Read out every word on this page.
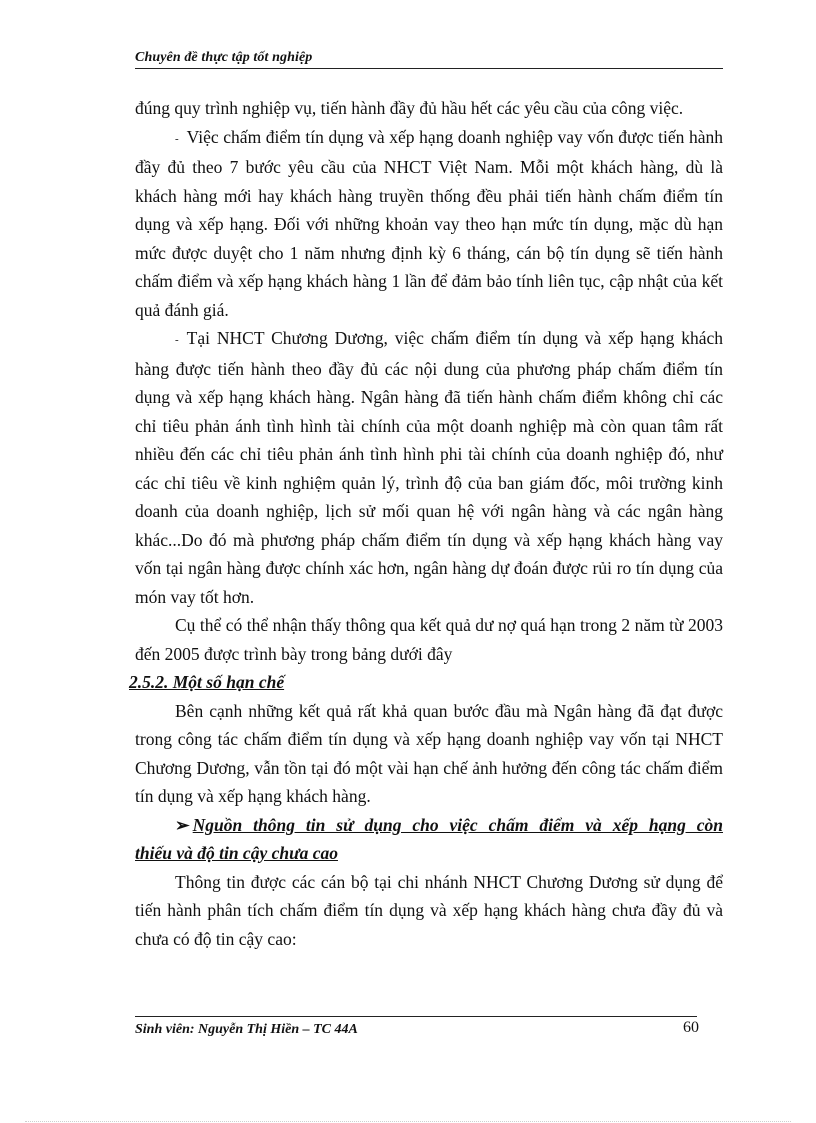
Chuyên đề thực tập tốt nghiệp

đúng quy trình nghiệp vụ, tiến hành đầy đủ hầu hết các yêu cầu của công việc.

- Việc chấm điểm tín dụng và xếp hạng doanh nghiệp vay vốn được tiến hành đầy đủ theo 7 bước yêu cầu của NHCT Việt Nam. Mỗi một khách hàng, dù là khách hàng mới hay khách hàng truyền thống đều phải tiến hành chấm điểm tín dụng và xếp hạng. Đối với những khoản vay theo hạn mức tín dụng, mặc dù hạn mức được duyệt cho 1 năm nhưng định kỳ 6 tháng, cán bộ tín dụng sẽ tiến hành chấm điểm và xếp hạng khách hàng 1 lần để đảm bảo tính liên tục, cập nhật của kết quả đánh giá.

- Tại NHCT Chương Dương, việc chấm điểm tín dụng và xếp hạng khách hàng được tiến hành theo đầy đủ các nội dung của phương pháp chấm điểm tín dụng và xếp hạng khách hàng. Ngân hàng đã tiến hành chấm điểm không chỉ các chỉ tiêu phản ánh tình hình tài chính của một doanh nghiệp mà còn quan tâm rất nhiều đến các chỉ tiêu phản ánh tình hình phi tài chính của doanh nghiệp đó, như các chỉ tiêu về kinh nghiệm quản lý, trình độ của ban giám đốc, môi trường kinh doanh của doanh nghiệp, lịch sử mối quan hệ với ngân hàng và các ngân hàng khác...Do đó mà phương pháp chấm điểm tín dụng và xếp hạng khách hàng vay vốn tại ngân hàng được chính xác hơn, ngân hàng dự đoán được rủi ro tín dụng của món vay tốt hơn.

Cụ thể có thể nhận thấy thông qua kết quả dư nợ quá hạn trong 2 năm từ 2003 đến 2005 được trình bày trong bảng dưới đây

2.5.2. Một số hạn chế

Bên cạnh những kết quả rất khả quan bước đầu mà Ngân hàng đã đạt được trong công tác chấm điểm tín dụng và xếp hạng doanh nghiệp vay vốn tại NHCT Chương Dương, vẫn tồn tại đó một vài hạn chế ảnh hưởng đến công tác chấm điểm tín dụng và xếp hạng khách hàng.

➢ Nguồn thông tin sử dụng cho việc chấm điểm và xếp hạng còn
thiếu và độ tin cậy chưa cao

Thông tin được các cán bộ tại chi nhánh NHCT Chương Dương sử dụng để tiến hành phân tích chấm điểm tín dụng và xếp hạng khách hàng chưa đầy đủ và chưa có độ tin cậy cao:

Sinh viên: Nguyễn Thị Hiền – TC 44A	60
